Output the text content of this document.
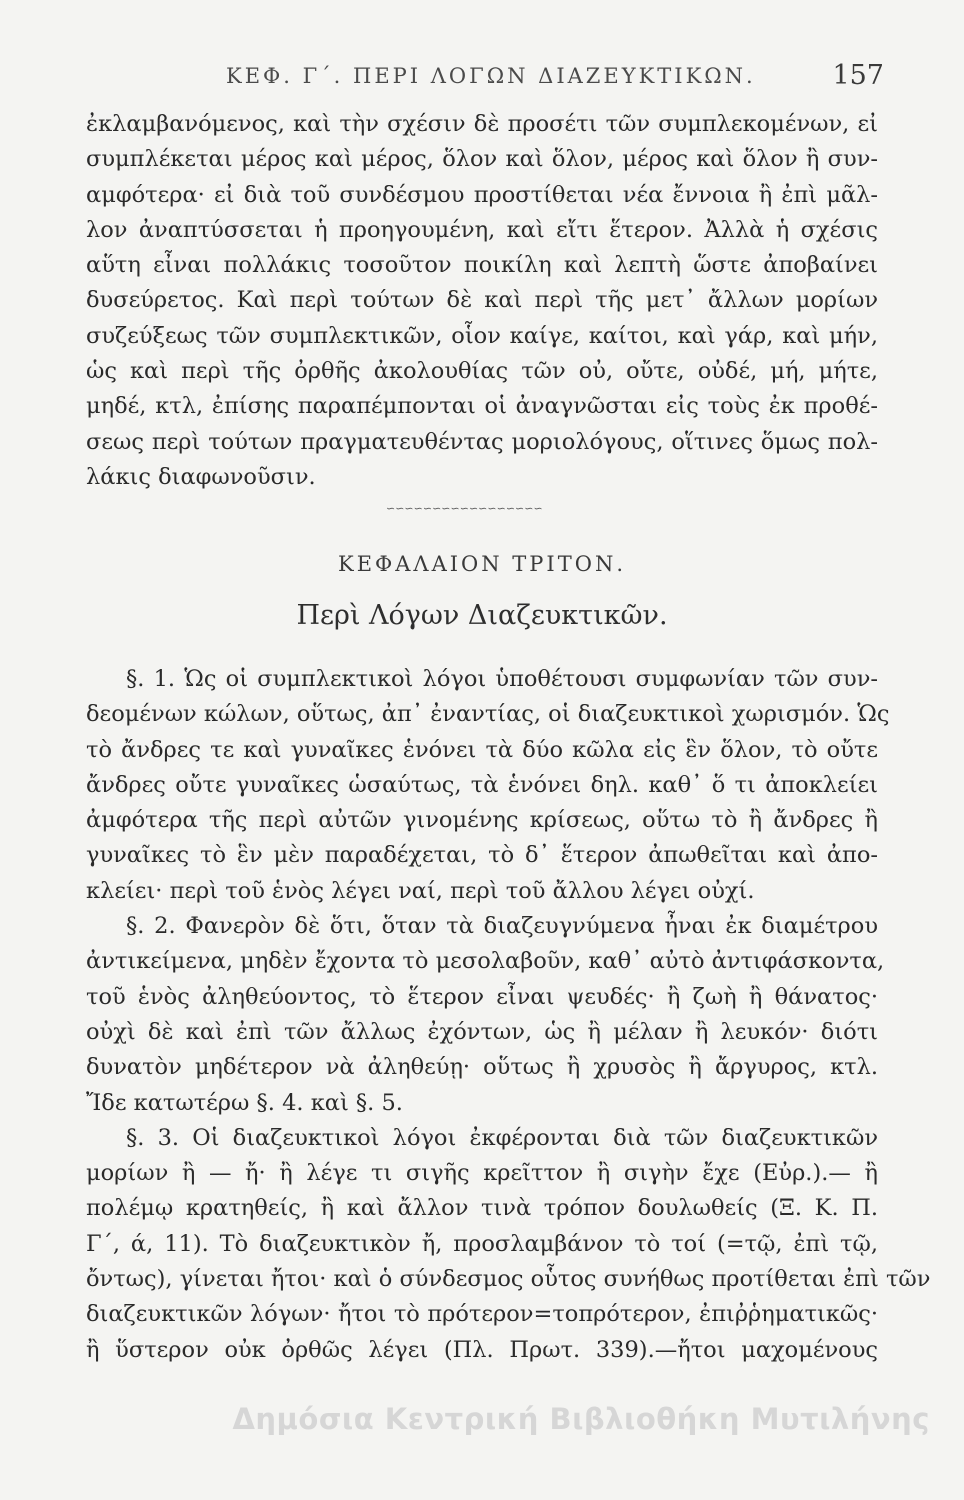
ΚΕΦ. Γ΄. ΠΕΡΙ ΛΟΓΩΝ ΔΙΑΖΕΥΚΤΙΚΩΝ.	157
ἐκλαμβανόμενος, καὶ τὴν σχέσιν δὲ προσέτι τῶν συμπλεκομένων, εἰ
συμπλέκεται μέρος καὶ μέρος, ὅλον καὶ ὅλον, μέρος καὶ ὅλον ἢ συν-
αμφότερα· εἰ διὰ τοῦ συνδέσμου προστίθεται νέα ἔννοια ἢ ἐπὶ μᾶλ-
λον ἀναπτύσσεται ἡ προηγουμένη, καὶ εἴτι ἕτερον. Ἀλλὰ ἡ σχέσις
αὕτη εἶναι πολλάκις τοσοῦτον ποικίλη καὶ λεπτὴ ὥστε ἀποβαίνει
δυσεύρετος. Καὶ περὶ τούτων δὲ καὶ περὶ τῆς μετ᾽ ἄλλων μορίων
συζεύξεως τῶν συμπλεκτικῶν, οἷον καίγε, καίτοι, καὶ γάρ, καὶ μήν,
ὡς καὶ περὶ τῆς ὀρθῆς ἀκολουθίας τῶν οὐ, οὔτε, οὐδέ, μή, μήτε,
μηδέ, κτλ, ἐπίσης παραπέμπονται οἱ ἀναγνῶσται εἰς τοὺς ἐκ προθέ-
σεως περὶ τούτων πραγματευθέντας μοριολόγους, οἵτινες ὅμως πολ-
λάκις διαφωνοῦσιν.
∽∽∽∽∽∽∽∽∽∽∽∽∽∽∽∽∽
ΚΕΦΑΛΑΙΟΝ ΤΡΙΤΟΝ.
Περὶ Λόγων Διαζευκτικῶν.
§. 1. Ὡς οἱ συμπλεκτικοὶ λόγοι ὑποθέτουσι συμφωνίαν τῶν συν-
δεομένων κώλων, οὕτως, ἀπ᾽ ἐναντίας, οἱ διαζευκτικοὶ χωρισμόν. Ὡς
τὸ ἄνδρες τε καὶ γυναῖκες ἑνόνει τὰ δύο κῶλα εἰς ἓν ὅλον, τὸ οὔτε
ἄνδρες οὔτε γυναῖκες ὡσαύτως, τὰ ἑνόνει δηλ. καθ᾽ ὅ τι ἀποκλείει
ἀμφότερα τῆς περὶ αὐτῶν γινομένης κρίσεως, οὕτω τὸ ἢ ἄνδρες ἢ
γυναῖκες τὸ ἓν μὲν παραδέχεται, τὸ δ᾽ ἕτερον ἀπωθεῖται καὶ ἀπο-
κλείει· περὶ τοῦ ἑνὸς λέγει ναί, περὶ τοῦ ἄλλου λέγει οὐχί.
§. 2. Φανερὸν δὲ ὅτι, ὅταν τὰ διαζευγνύμενα ἦναι ἐκ διαμέτρου
ἀντικείμενα, μηδὲν ἔχοντα τὸ μεσολαβοῦν, καθ᾽ αὐτὸ ἀντιφάσκοντα,
τοῦ ἑνὸς ἀληθεύοντος, τὸ ἕτερον εἶναι ψευδές· ἢ ζωὴ ἢ θάνατος·
οὐχὶ δὲ καὶ ἐπὶ τῶν ἄλλως ἐχόντων, ὡς ἢ μέλαν ἢ λευκόν· διότι
δυνατὸν μηδέτερον νὰ ἀληθεύῃ· οὕτως ἢ χρυσὸς ἢ ἄργυρος, κτλ.
Ἴδε κατωτέρω §. 4. καὶ §. 5.
§. 3. Οἱ διαζευκτικοὶ λόγοι ἐκφέρονται διὰ τῶν διαζευκτικῶν
μορίων ἢ — ἤ· ἢ λέγε τι σιγῆς κρεῖττον ἢ σιγὴν ἔχε (Εὐρ.).— ἢ
πολέμῳ κρατηθείς, ἢ καὶ ἄλλον τινὰ τρόπον δουλωθείς (Ξ. Κ. Π.
Γ΄, ά, 11). Τὸ διαζευκτικὸν ἤ, προσλαμβάνον τὸ τοί (=τῷ, ἐπὶ τῷ,
ὄντως), γίνεται ἤτοι· καὶ ὁ σύνδεσμος οὗτος συνήθως προτίθεται ἐπὶ τῶν
διαζευκτικῶν λόγων· ἤτοι τὸ πρότερον=τοπρότερον, ἐπιῤῥηματικῶς·
ἢ ὕστερον οὐκ ὀρθῶς λέγει (Πλ. Πρωτ. 339).—ἤτοι μαχομένους
Δημόσια Κεντρική Βιβλιοθήκη Μυτιλήνης
